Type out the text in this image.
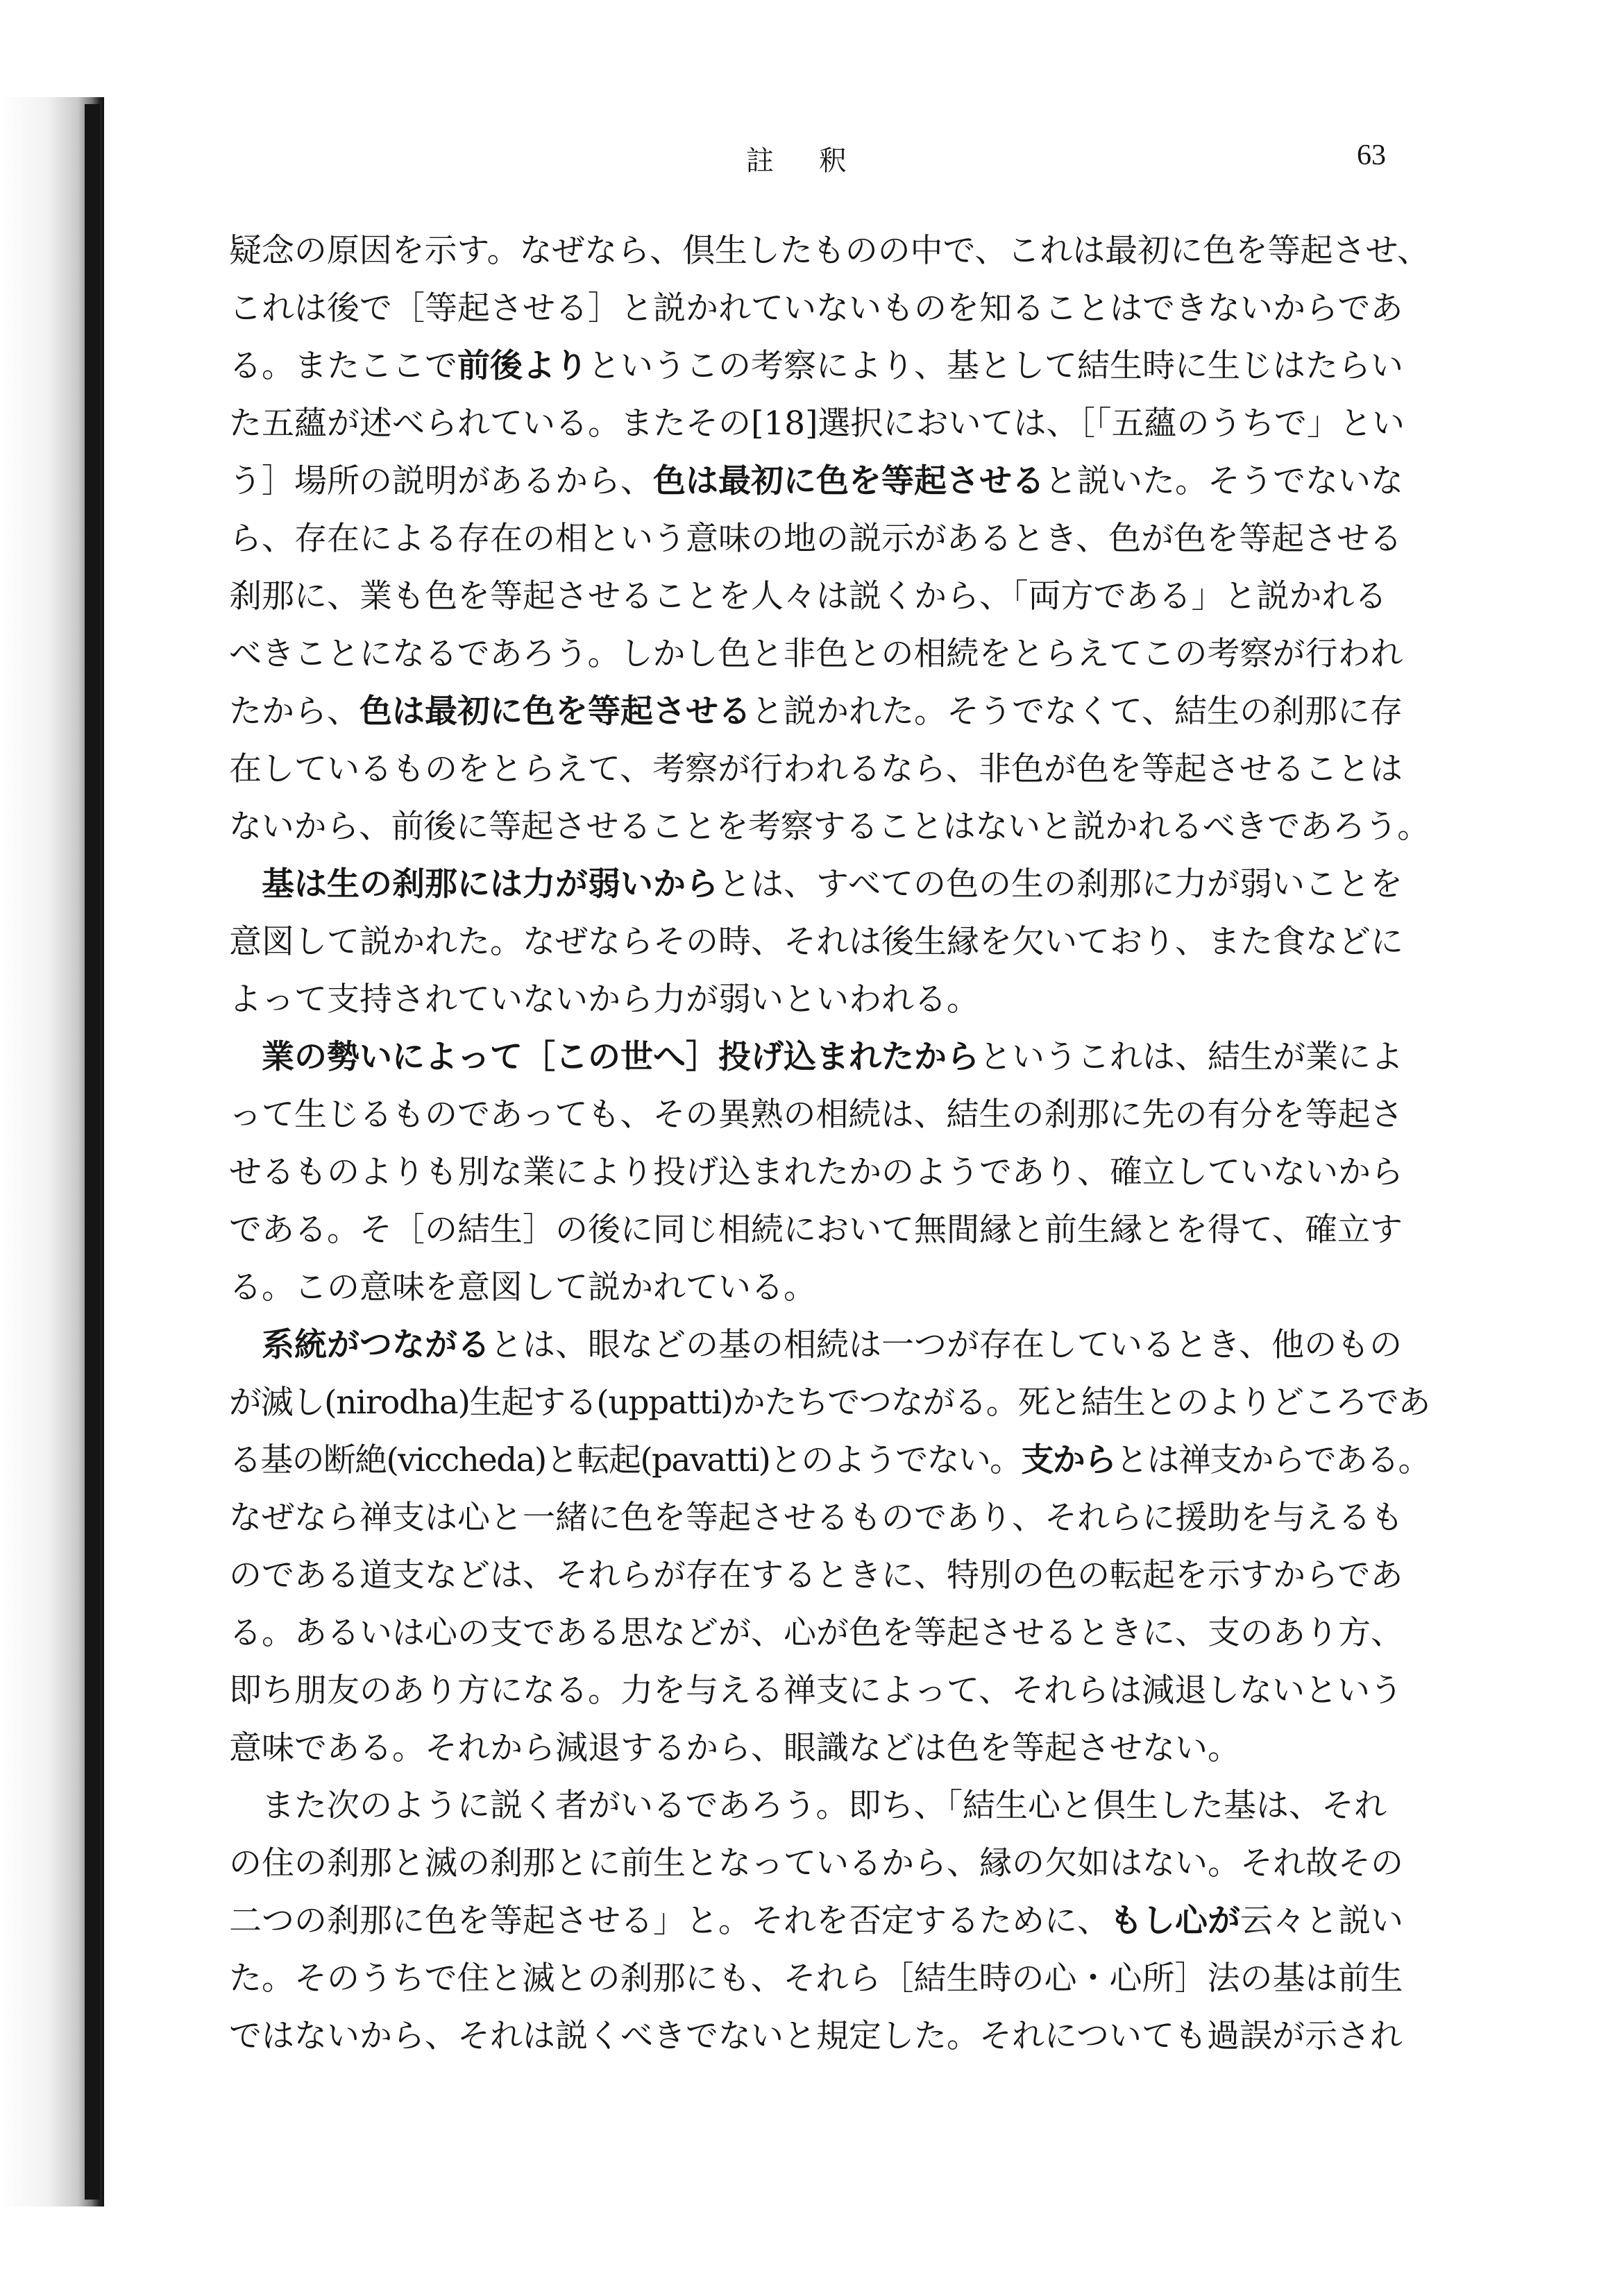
註 釈	63
疑念の原因を示す。なぜなら、倶生したものの中で、これは最初に色を等起させ、
これは後で［等起させる］と説かれていないものを知ることはできないからであ
る。またここで前後よりというこの考察により、基として結生時に生じはたらい
た五蘊が述べられている。またその[18]選択においては、［「五蘊のうちで」とい
う］場所の説明があるから、色は最初に色を等起させると説いた。そうでないな
ら、存在による存在の相という意味の地の説示があるとき、色が色を等起させる
刹那に、業も色を等起させることを人々は説くから、「両方である」と説かれる
べきことになるであろう。しかし色と非色との相続をとらえてこの考察が行われ
たから、色は最初に色を等起させると説かれた。そうでなくて、結生の刹那に存
在しているものをとらえて、考察が行われるなら、非色が色を等起させることは
ないから、前後に等起させることを考察することはないと説かれるべきであろう。
　基は生の刹那には力が弱いからとは、すべての色の生の刹那に力が弱いことを
意図して説かれた。なぜならその時、それは後生縁を欠いており、また食などに
よって支持されていないから力が弱いといわれる。
　業の勢いによって［この世へ］投げ込まれたからというこれは、結生が業によ
って生じるものであっても、その異熟の相続は、結生の刹那に先の有分を等起さ
せるものよりも別な業により投げ込まれたかのようであり、確立していないから
である。そ［の結生］の後に同じ相続において無間縁と前生縁とを得て、確立す
る。この意味を意図して説かれている。
　系統がつながるとは、眼などの基の相続は一つが存在しているとき、他のもの
が滅し(nirodha)生起する(uppatti)かたちでつながる。死と結生とのよりどころであ
る基の断絶(viccheda)と転起(pavatti)とのようでない。支からとは禅支からである。
なぜなら禅支は心と一緒に色を等起させるものであり、それらに援助を与えるも
のである道支などは、それらが存在するときに、特別の色の転起を示すからであ
る。あるいは心の支である思などが、心が色を等起させるときに、支のあり方、
即ち朋友のあり方になる。力を与える禅支によって、それらは減退しないという
意味である。それから減退するから、眼識などは色を等起させない。
　また次のように説く者がいるであろう。即ち、「結生心と倶生した基は、それ
の住の刹那と滅の刹那とに前生となっているから、縁の欠如はない。それ故その
二つの刹那に色を等起させる」と。それを否定するために、もし心が云々と説い
た。そのうちで住と滅との刹那にも、それら［結生時の心・心所］法の基は前生
ではないから、それは説くべきでないと規定した。それについても過誤が示され
